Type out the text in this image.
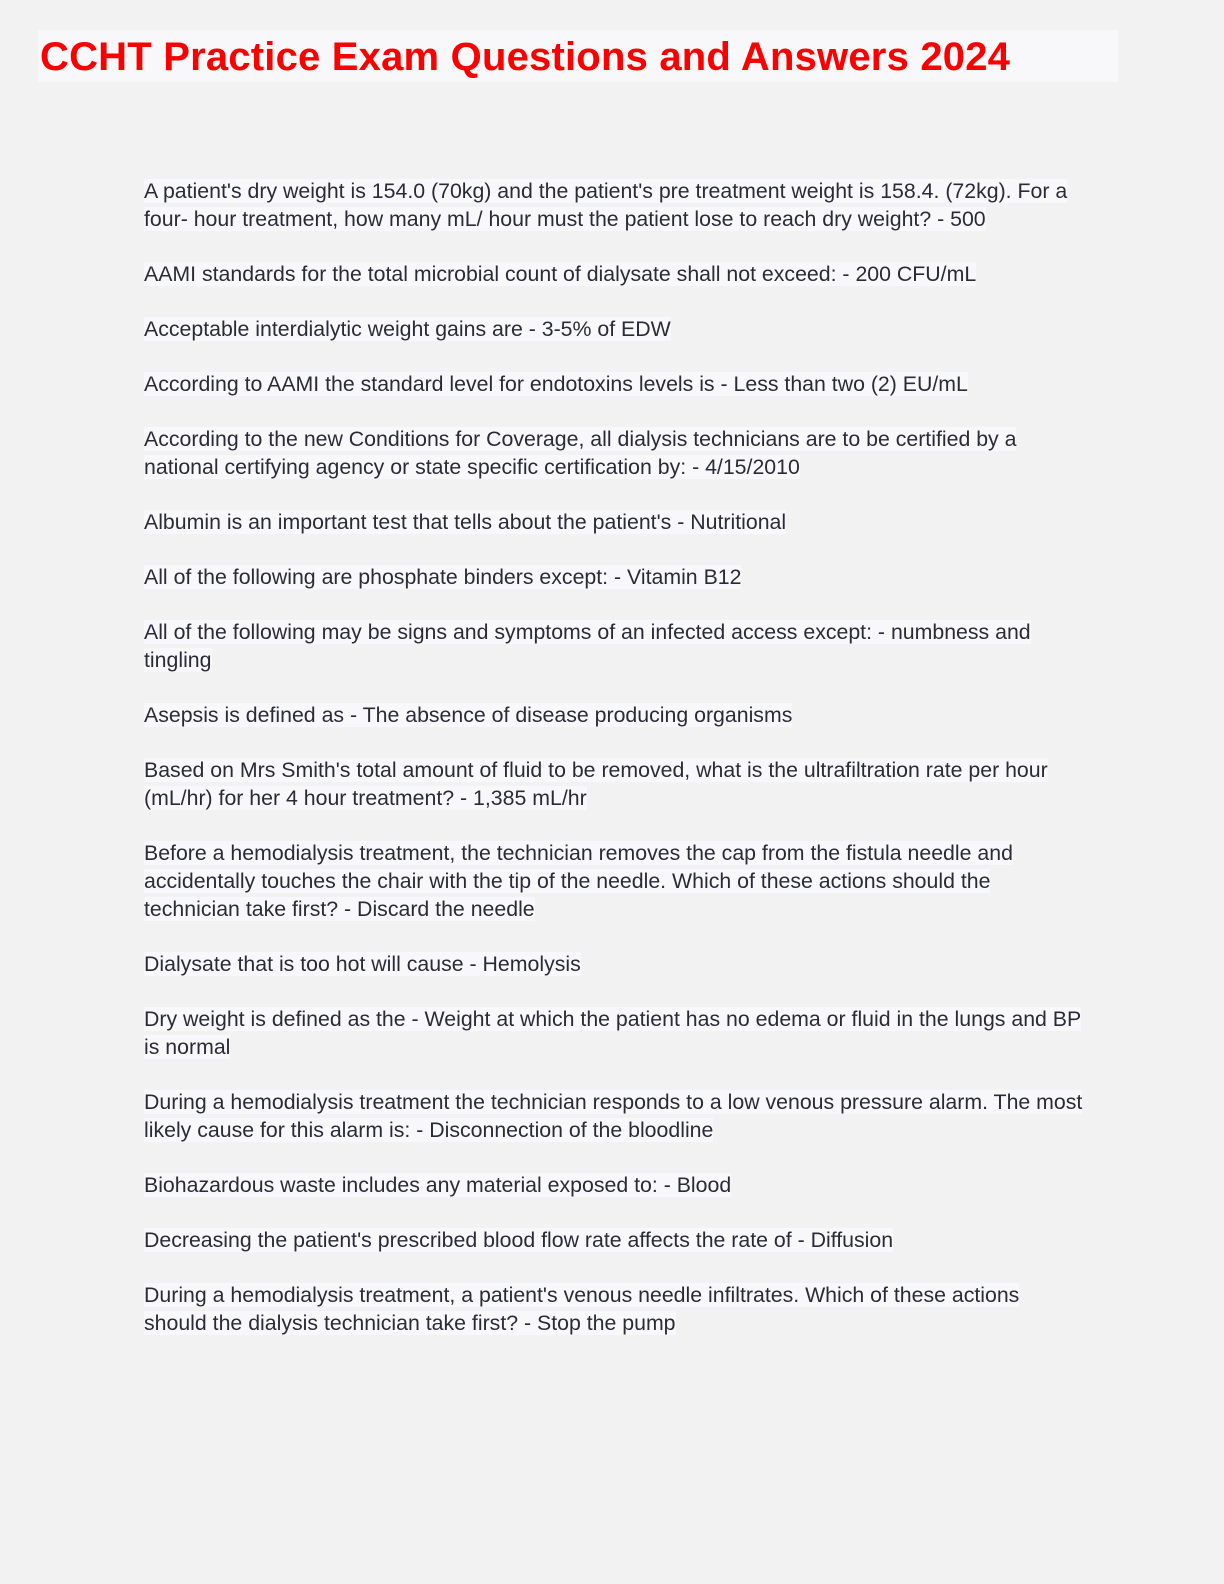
CCHT Practice Exam Questions and Answers 2024
A patient's dry weight is 154.0 (70kg) and the patient's pre treatment weight is 158.4. (72kg). For a four- hour treatment, how many mL/ hour must the patient lose to reach dry weight? - 500
AAMI standards for the total microbial count of dialysate shall not exceed: - 200 CFU/mL
Acceptable interdialytic weight gains are - 3-5% of EDW
According to AAMI the standard level for endotoxins levels is - Less than two (2) EU/mL
According to the new Conditions for Coverage, all dialysis technicians are to be certified by a national certifying agency or state specific certification by: - 4/15/2010
Albumin is an important test that tells about the patient's - Nutritional
All of the following are phosphate binders except: - Vitamin B12
All of the following may be signs and symptoms of an infected access except: - numbness and tingling
Asepsis is defined as - The absence of disease producing organisms
Based on Mrs Smith's total amount of fluid to be removed, what is the ultrafiltration rate per hour (mL/hr) for her 4 hour treatment? - 1,385 mL/hr
Before a hemodialysis treatment, the technician removes the cap from the fistula needle and accidentally touches the chair with the tip of the needle. Which of these actions should the technician take first? - Discard the needle
Dialysate that is too hot will cause - Hemolysis
Dry weight is defined as the - Weight at which the patient has no edema or fluid in the lungs and BP is normal
During a hemodialysis treatment the technician responds to a low venous pressure alarm. The most likely cause for this alarm is: - Disconnection of the bloodline
Biohazardous waste includes any material exposed to: - Blood
Decreasing the patient's prescribed blood flow rate affects the rate of - Diffusion
During a hemodialysis treatment, a patient's venous needle infiltrates. Which of these actions should the dialysis technician take first? - Stop the pump
